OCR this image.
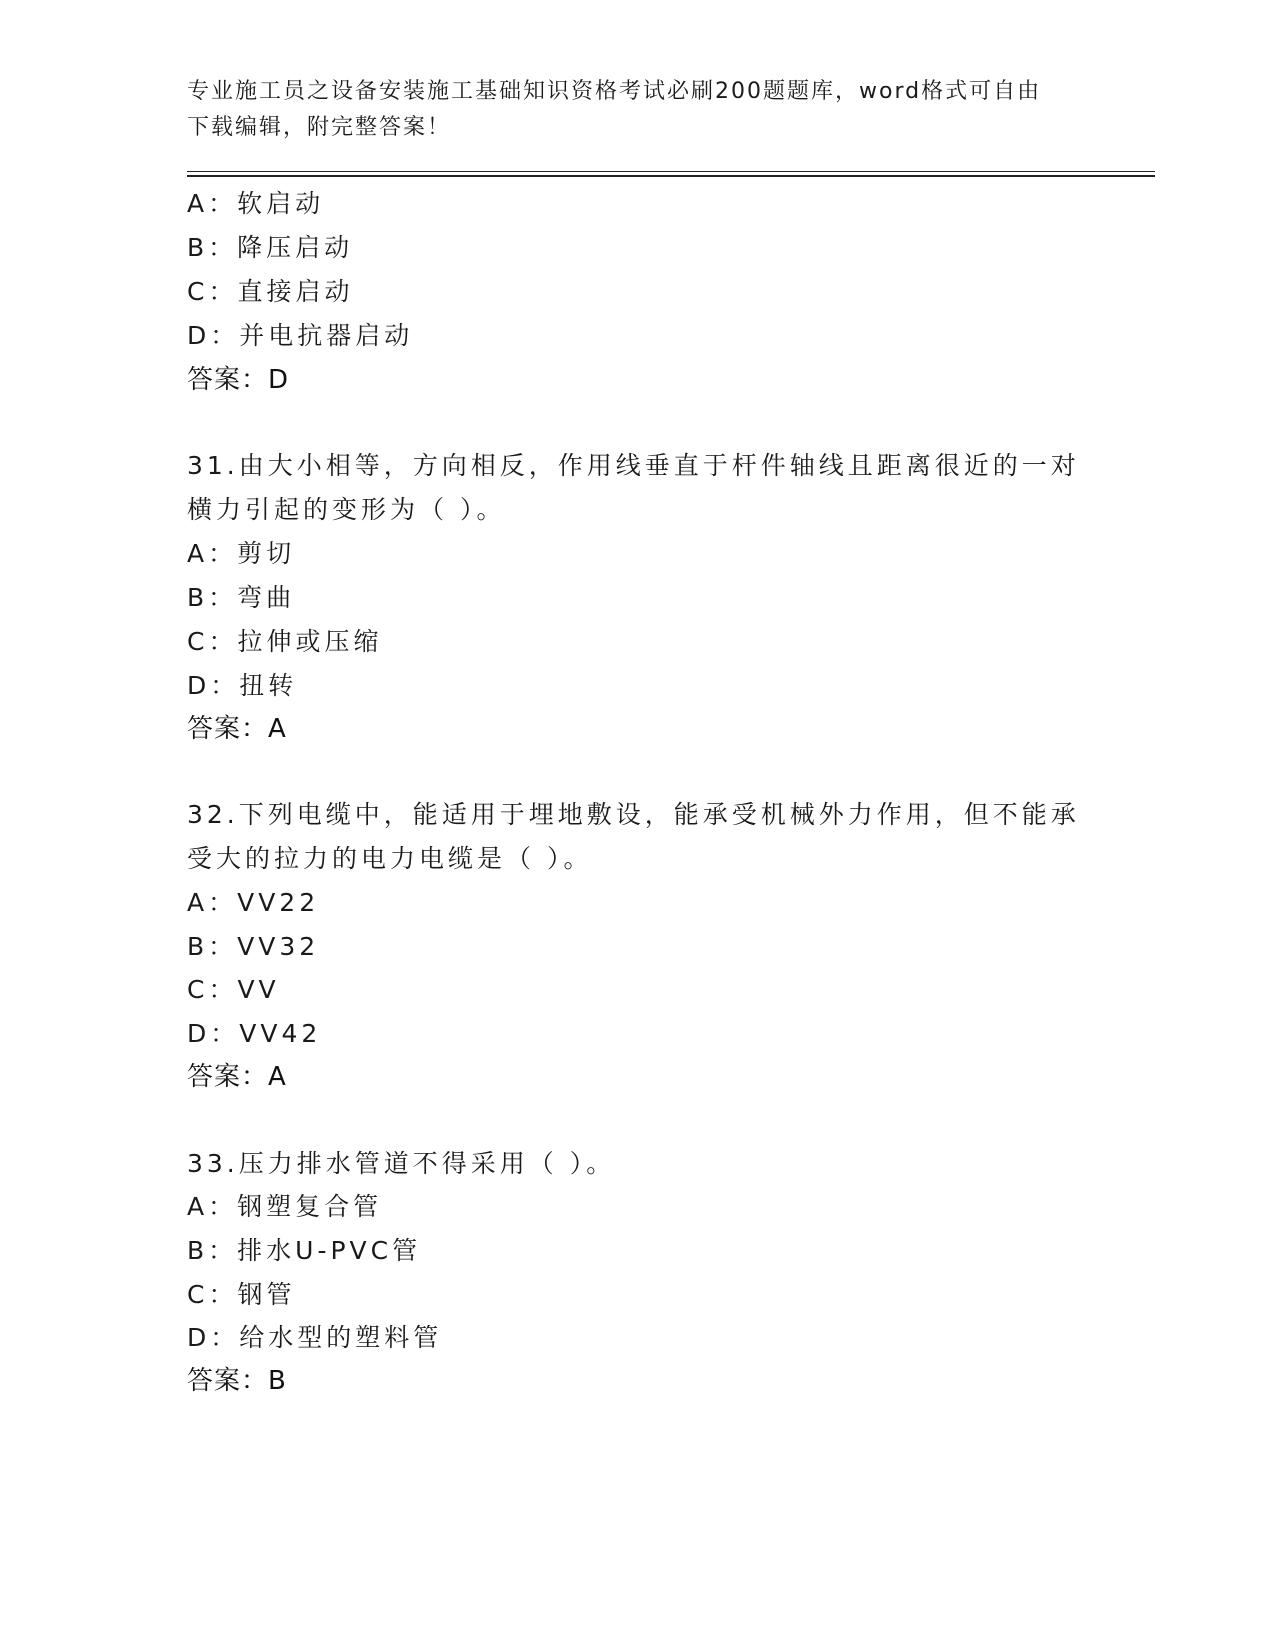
专业施工员之设备安装施工基础知识资格考试必刷200题题库，word格式可自由
下载编辑，附完整答案！
A：软启动
B：降压启动
C：直接启动
D：并电抗器启动
答案：D
31.由大小相等，方向相反，作用线垂直于杆件轴线且距离很近的一对
横力引起的变形为（ ）。
A：剪切
B：弯曲
C：拉伸或压缩
D：扭转
答案：A
32.下列电缆中，能适用于埋地敷设，能承受机械外力作用，但不能承
受大的拉力的电力电缆是（ ）。
A：VV22
B：VV32
C：VV
D：VV42
答案：A
33.压力排水管道不得采用（ ）。
A：钢塑复合管
B：排水U-PVC管
C：钢管
D：给水型的塑料管
答案：B
